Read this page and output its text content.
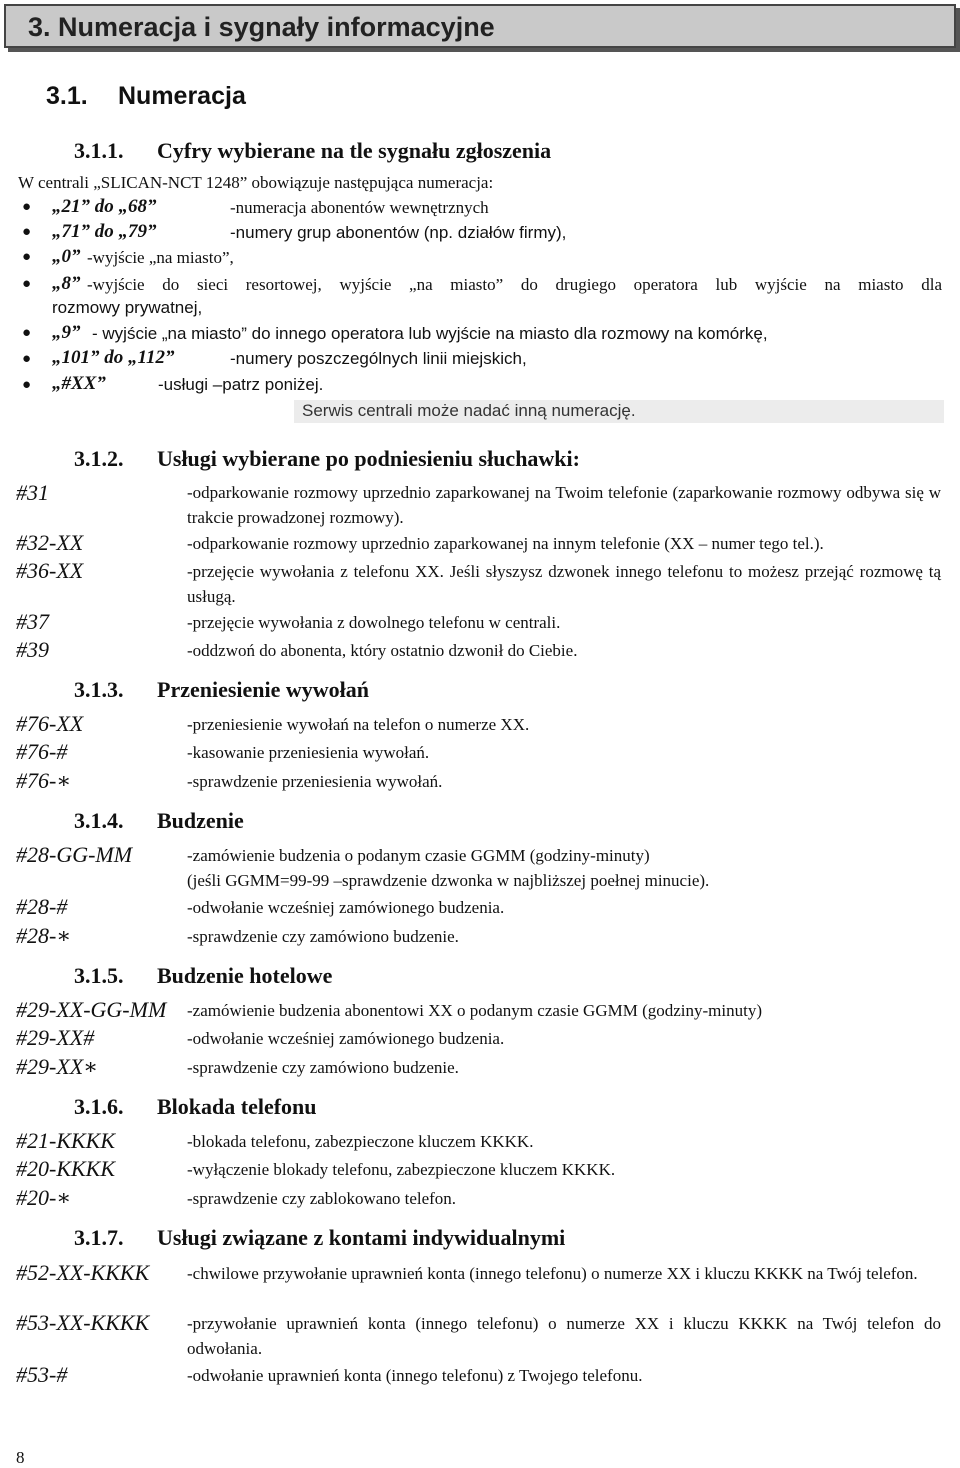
3. Numeracja i sygnały informacyjne
3.1. Numeracja
3.1.1. Cyfry wybierane na tle sygnału zgłoszenia
W centrali „SLICAN-NCT 1248” obowiązuje następująca numeracja:
● „21” do „68”	-numeracja abonentów wewnętrznych
● „71” do „79”	-numery grup abonentów (np. działów firmy),
● „0” -wyjście „na miasto”,
● „8” -wyjście do sieci resortowej, wyjście „na miasto” do drugiego operatora lub wyjście na miasto dla
rozmowy prywatnej,
● „9” - wyjście „na miasto” do innego operatora lub wyjście na miasto dla rozmowy na komórkę,
● „101” do „112”	-numery poszczególnych linii miejskich,
● „#XX”	-usługi –patrz poniżej.
Serwis centrali może nadać inną numerację.
3.1.2. Usługi wybierane po podniesieniu słuchawki:
#31	-odparkowanie rozmowy uprzednio zaparkowanej na Twoim telefonie (zaparkowanie rozmowy odbywa się w trakcie prowadzonej rozmowy).
#32-XX	-odparkowanie rozmowy uprzednio zaparkowanej na innym telefonie (XX – numer tego tel.).
#36-XX	-przejęcie wywołania z telefonu XX. Jeśli słyszysz dzwonek innego telefonu to możesz przejąć rozmowę tą usługą.
#37	-przejęcie wywołania z dowolnego telefonu w centrali.
#39	-oddzwoń do abonenta, który ostatnio dzwonił do Ciebie.
3.1.3. Przeniesienie wywołań
#76-XX	-przeniesienie wywołań na telefon o numerze XX.
#76-#	-kasowanie przeniesienia wywołań.
#76-∗	-sprawdzenie przeniesienia wywołań.
3.1.4. Budzenie
#28-GG-MM	-zamówienie budzenia o podanym czasie GGMM (godziny-minuty)
(jeśli GGMM=99-99 –sprawdzenie dzwonka w najbliższej poełnej minucie).
#28-#	-odwołanie wcześniej zamówionego budzenia.
#28-∗	-sprawdzenie czy zamówiono budzenie.
3.1.5. Budzenie hotelowe
#29-XX-GG-MM -zamówienie budzenia abonentowi XX o podanym czasie GGMM (godziny-minuty)
#29-XX#	-odwołanie wcześniej zamówionego budzenia.
#29-XX∗	-sprawdzenie czy zamówiono budzenie.
3.1.6. Blokada telefonu
#21-KKKK	-blokada telefonu, zabezpieczone kluczem KKKK.
#20-KKKK	-wyłączenie blokady telefonu, zabezpieczone kluczem KKKK.
#20-∗	-sprawdzenie czy zablokowano telefon.
3.1.7. Usługi związane z kontami indywidualnymi
#52-XX-KKKK -chwilowe przywołanie uprawnień konta (innego telefonu) o numerze XX i kluczu KKKK na Twój telefon.
#53-XX-KKKK -przywołanie uprawnień konta (innego telefonu) o numerze XX i kluczu KKKK na Twój telefon do odwołania.
#53-#	-odwołanie uprawnień konta (innego telefonu) z Twojego telefonu.
8
